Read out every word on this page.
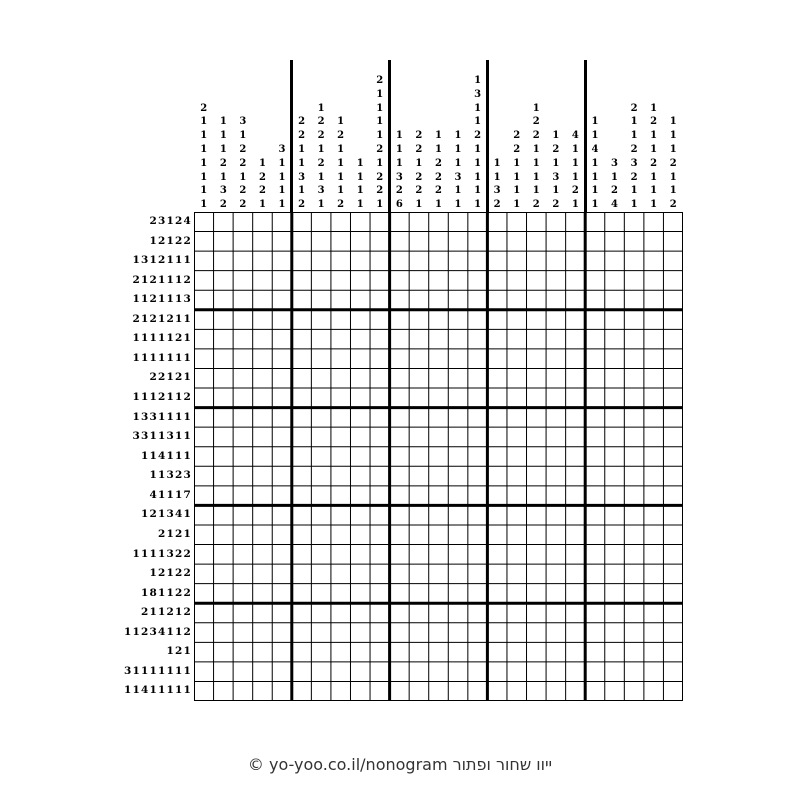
2
1
1
1
1
1
1
1
1
1
1
2
1
3
2
3
1
2
2
1
2
2
1
2
2
1
3
1
1
1
1
2
2
1
1
3
1
2
1
2
2
1
2
1
3
1
1
2
1
1
1
1
2
1
1
1
1
2
1
1
1
1
2
1
2
2
1
1
1
1
3
2
6
2
2
1
2
2
1
1
1
2
2
2
1
1
1
1
3
1
1
1
3
1
1
2
1
1
1
1
1
1
1
3
2
2
2
1
1
1
1
1
2
2
1
1
1
1
2
1
2
1
3
1
2
4
1
1
1
2
1
1
1
4
1
1
1
1
3
1
2
4
2
1
1
2
3
2
1
1
1
2
1
1
2
1
1
1
1
1
1
2
1
1
2
23124
12122
1312111
2121112
1121113
2121211
1111121
1111111
22121
1112112
1331111
3311311
114111
11323
41117
121341
2121
1111322
12122
181122
211212
11234112
121
31111111
11411111
© yo-yoo.co.il/nonogram ייוו שחור ופתור
